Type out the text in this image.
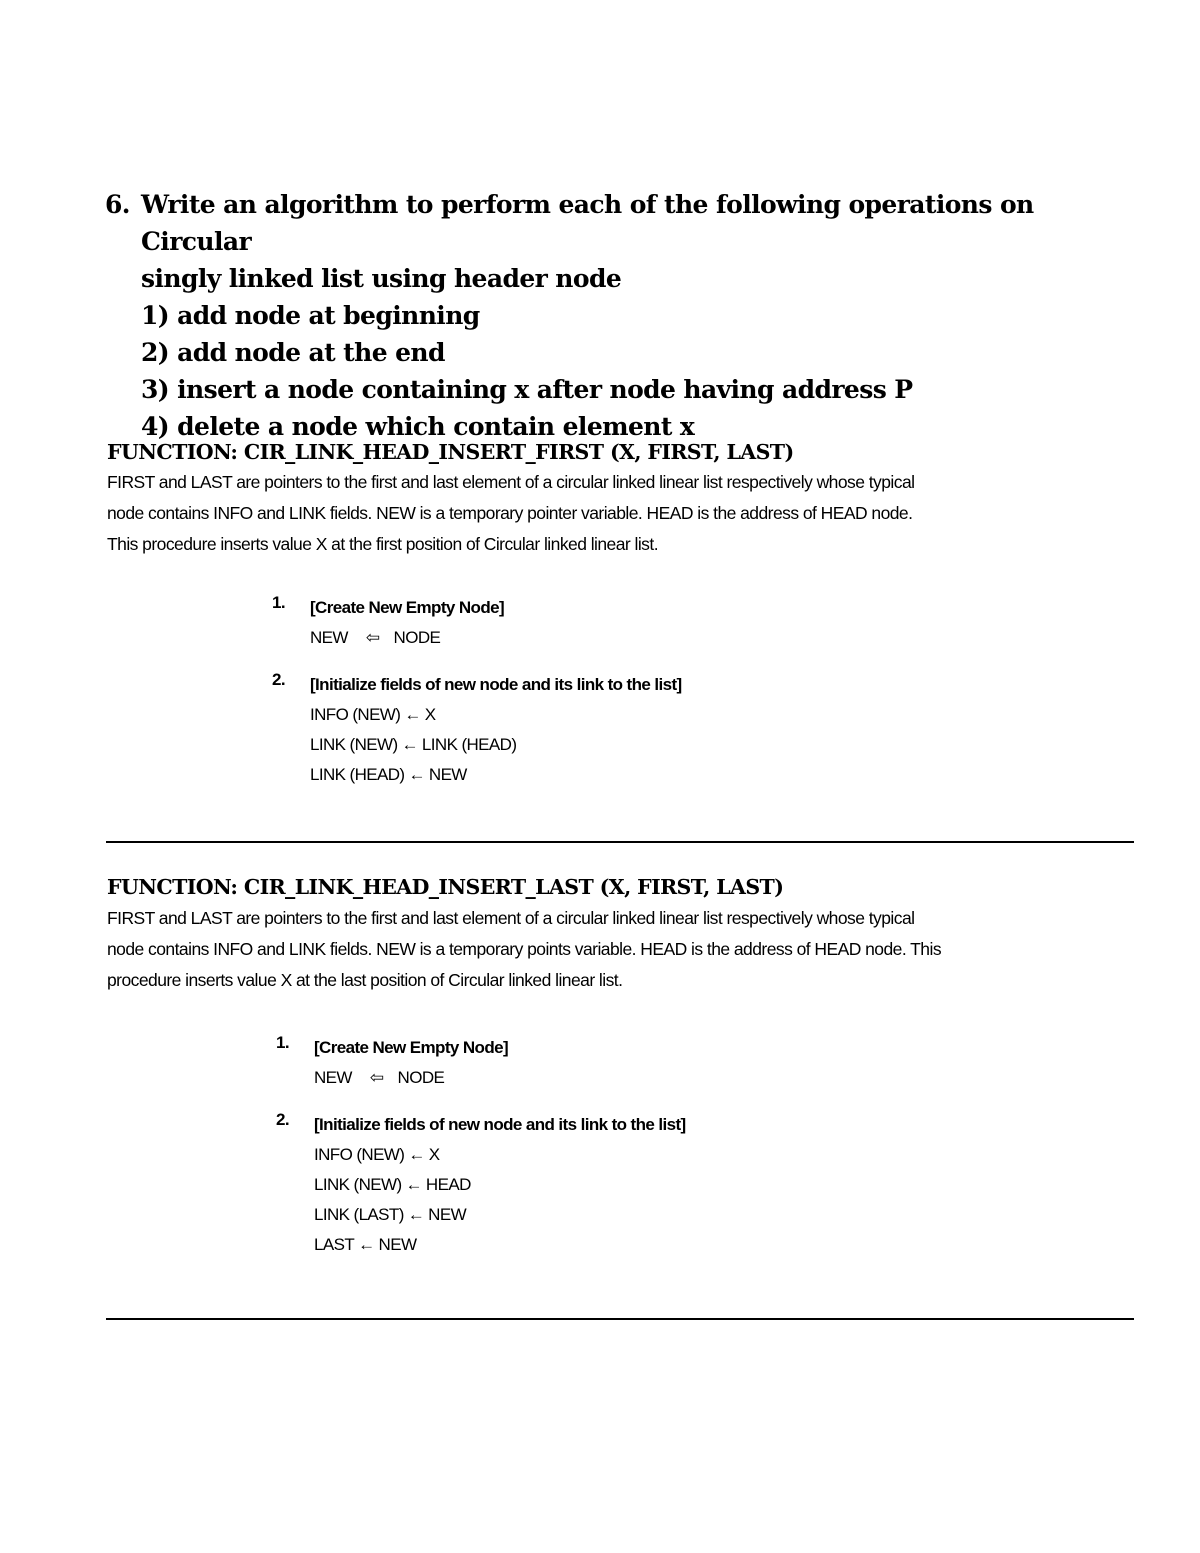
6. Write an algorithm to perform each of the following operations on Circular
singly linked list using header node
1) add node at beginning
2) add node at the end
3) insert a node containing x after node having address P
4) delete a node which contain element x
FUNCTION: CIR_LINK_HEAD_INSERT_FIRST (X, FIRST, LAST)
FIRST and LAST are pointers to the first and last element of a circular linked linear list respectively whose typical
node contains INFO and LINK fields. NEW is a temporary pointer variable. HEAD is the address of HEAD node.
This procedure inserts value X at the first position of Circular linked linear list.
1. [Create New Empty Node]
NEW ⇦ NODE
2. [Initialize fields of new node and its link to the list]
INFO (NEW) ← X
LINK (NEW) ← LINK (HEAD)
LINK (HEAD) ← NEW
FUNCTION: CIR_LINK_HEAD_INSERT_LAST (X, FIRST, LAST)
FIRST and LAST are pointers to the first and last element of a circular linked linear list respectively whose typical
node contains INFO and LINK fields. NEW is a temporary points variable. HEAD is the address of HEAD node. This
procedure inserts value X at the last position of Circular linked linear list.
1. [Create New Empty Node]
NEW ⇦ NODE
2. [Initialize fields of new node and its link to the list]
INFO (NEW) ← X
LINK (NEW) ← HEAD
LINK (LAST) ← NEW
LAST ← NEW
